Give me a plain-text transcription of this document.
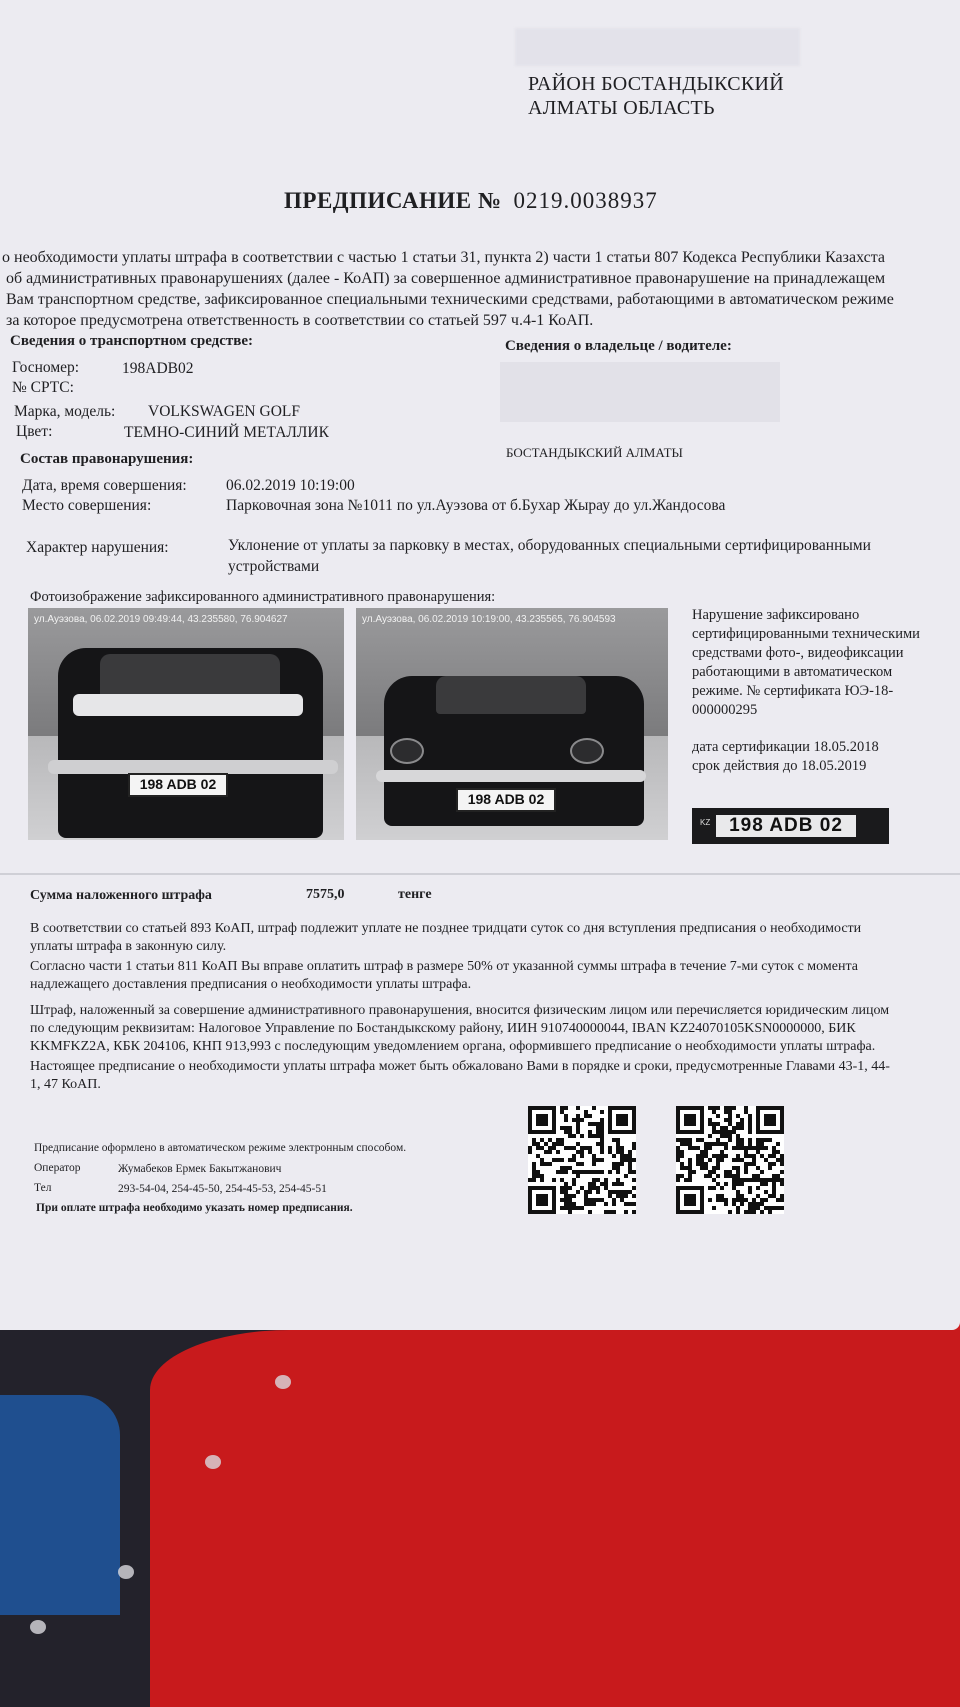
РАЙОН БОСТАНДЫКСКИЙ
АЛМАТЫ ОБЛАСТЬ
ПРЕДПИСАНИЕ № 0219.0038937
о необходимости уплаты штрафа в соответствии с частью 1 статьи 31, пункта 2) части 1 статьи 807 Кодекса Республики Казахста
об административных правонарушениях (далее - КоАП) за совершенное административное правонарушение на принадлежащем
Вам транспортном средстве, зафиксированное специальными техническими средствами, работающими в автоматическом режиме
за которое предусмотрена ответственность в соответствии со статьей 597 ч.4-1 КоАП.
Сведения о транспортном средстве:	Сведения о владельце / водителе:
Госномер:	198ADB02
№ СРТС:
Марка, модель: VOLKSWAGEN GOLF
Цвет:	ТЕМНО-СИНИЙ МЕТАЛЛИК
БОСТАНДЫКСКИЙ АЛМАТЫ
Состав правонарушения:
Дата, время совершения:	06.02.2019 10:19:00
Место совершения:	Парковочная зона №1011 по ул.Ауэзова от б.Бухар Жырау до ул.Жандосова
Характер нарушения:	Уклонение от уплаты за парковку в местах, оборудованных специальными сертифицированными
устройствами
Фотоизображение зафиксированного административного правонарушения:
198 ADB 02
ул.Ауэзова, 06.02.2019 09:49:44, 43.235580, 76.904627
198 ADB 02
ул.Ауэзова, 06.02.2019 10:19:00, 43.235565, 76.904593	Нарушение зафиксировано
сертифицированными техническими
средствами фото-, видеофиксации
работающими в автоматическом
режиме. № сертификата ЮЭ-18-
000000295
дата сертификации 18.05.2018
срок действия до 18.05.2019
KZ 198 ADB 02
Сумма наложенного штрафа	7575,0	тенге
В соответствии со статьей 893 КоАП, штраф подлежит уплате не позднее тридцати суток со дня вступления предписания о необходимости
уплаты штрафа в законную силу.
Согласно части 1 статьи 811 КоАП Вы вправе оплатить штраф в размере 50% от указанной суммы штрафа в течение 7-ми суток с момента
надлежащего доставления предписания о необходимости уплаты штрафа.
Штраф, наложенный за совершение административного правонарушения, вносится физическим лицом или перечисляется юридическим лицом
по следующим реквизитам: Налоговое Управление по Бостандыкскому району, ИИН 910740000044, IBAN KZ24070105KSN0000000, БИК
KKMFKZ2A, КБК 204106, КНП 913,993 с последующим уведомлением органа, оформившего предписание о необходимости уплаты штрафа.
Настоящее предписание о необходимости уплаты штрафа может быть обжаловано Вами в порядке и сроки, предусмотренные Главами 43-1, 44-
1, 47 КоАП.
Предписание оформлено в автоматическом режиме электронным способом.
Оператор	Жумабеков Ермек Бакытжанович
Тел	293-54-04, 254-45-50, 254-45-53, 254-45-51
При оплате штрафа необходимо указать номер предписания.
